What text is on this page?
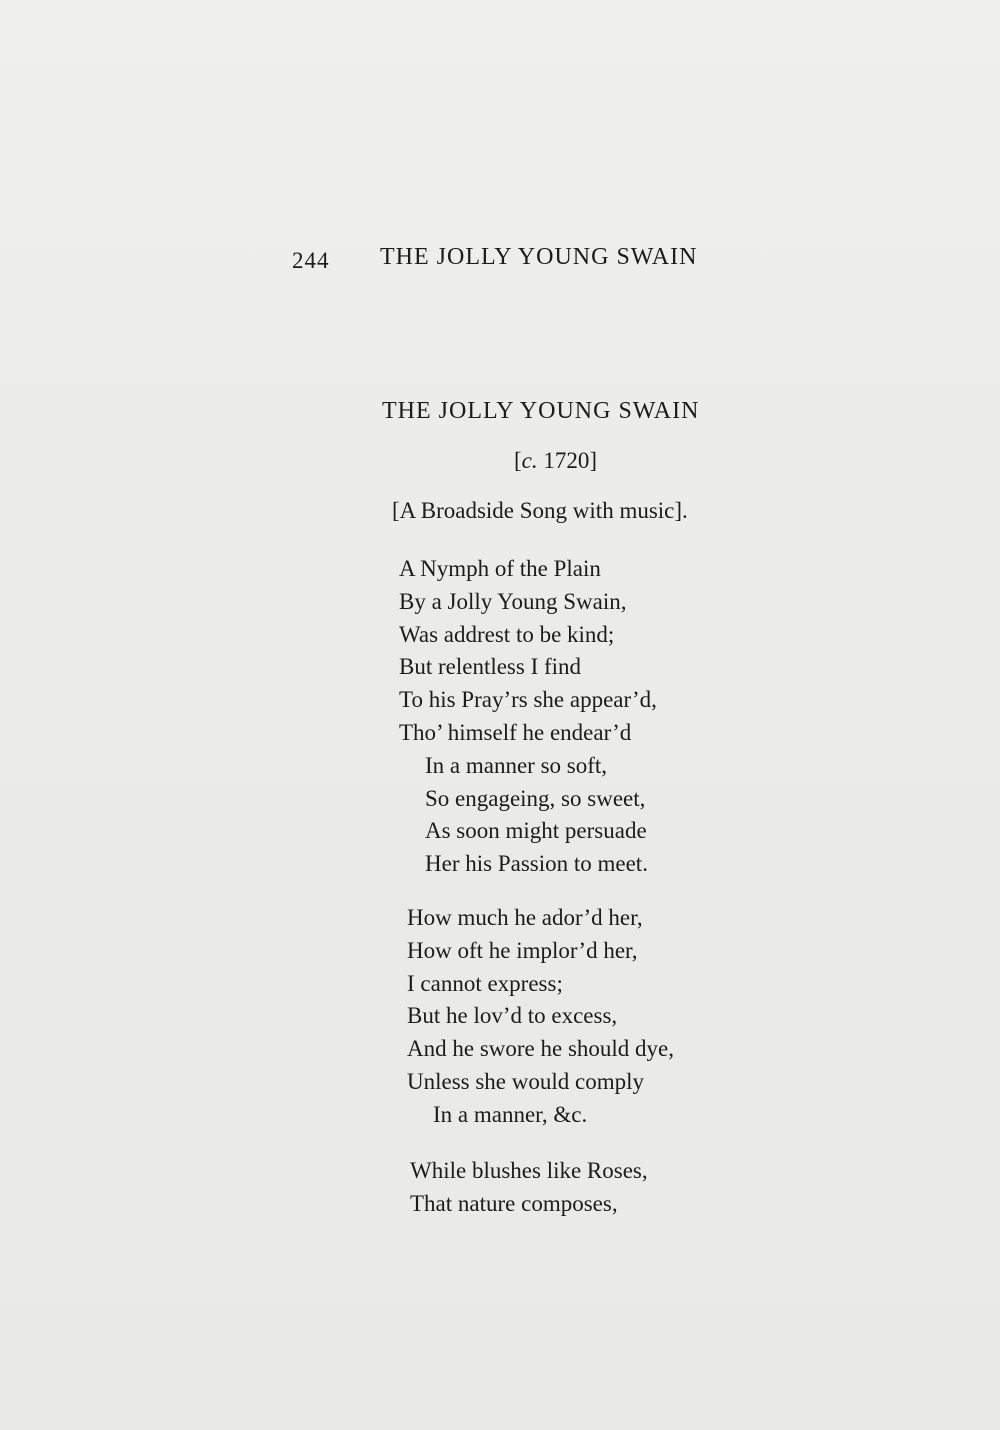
244 THE JOLLY YOUNG SWAIN
THE JOLLY YOUNG SWAIN
[c. 1720]
[A Broadside Song with music].
A Nymph of the Plain
By a Jolly Young Swain,
Was addrest to be kind;
But relentless I find
To his Pray’rs she appear’d,
Tho’ himself he endear’d
In a manner so soft,
So engageing, so sweet,
As soon might persuade
Her his Passion to meet.
How much he ador’d her,
How oft he implor’d her,
I cannot express;
But he lov’d to excess,
And he swore he should dye,
Unless she would comply
In a manner, &c.
While blushes like Roses,
That nature composes,
